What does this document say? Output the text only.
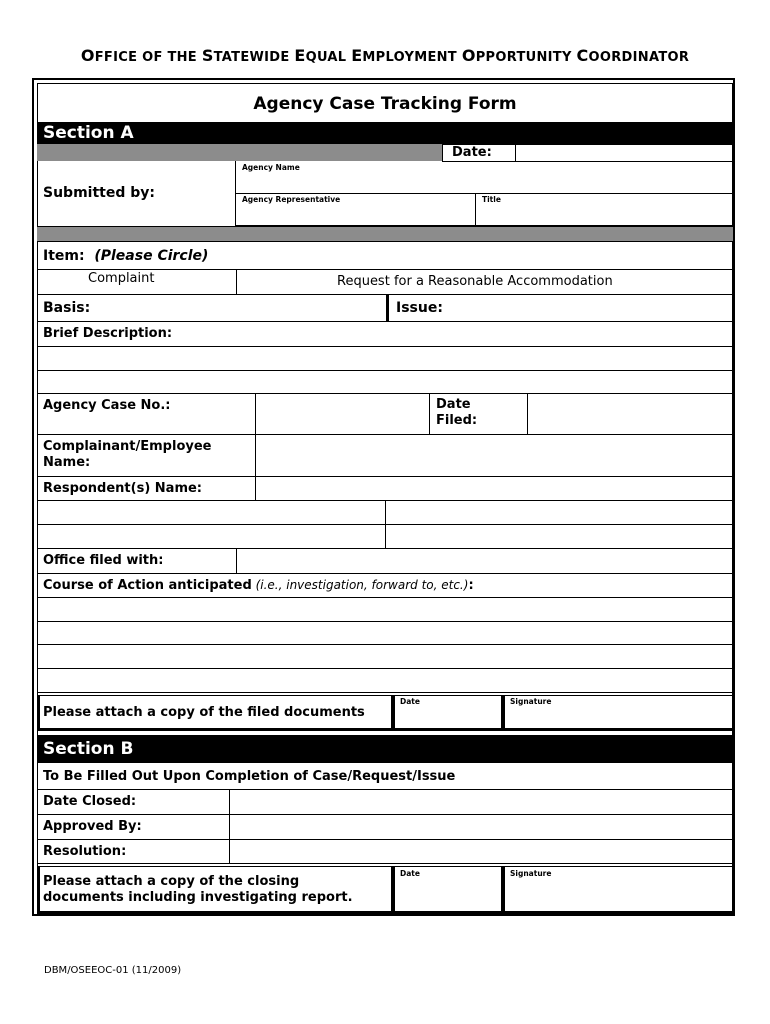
OFFICE OF THE STATEWIDE EQUAL EMPLOYMENT OPPORTUNITY COORDINATOR
Agency Case Tracking Form
Section A
Date:
Submitted by:
Agency Name
Agency Representative	Title
Item: (Please Circle)
Complaint	Request for a Reasonable Accommodation
Basis:	Issue:
Brief Description:
Agency Case No.:	Date
Filed:
Complainant/Employee
Name:
Respondent(s) Name:
Office filed with:
Course of Action anticipated (i.e., investigation, forward to, etc.):
Please attach a copy of the filed documents
Date	Signature
Section B
To Be Filled Out Upon Completion of Case/Request/Issue
Date Closed:
Approved By:
Resolution:
Please attach a copy of the closing
documents including investigating report.
Date	Signature
DBM/OSEEOC-01 (11/2009)
